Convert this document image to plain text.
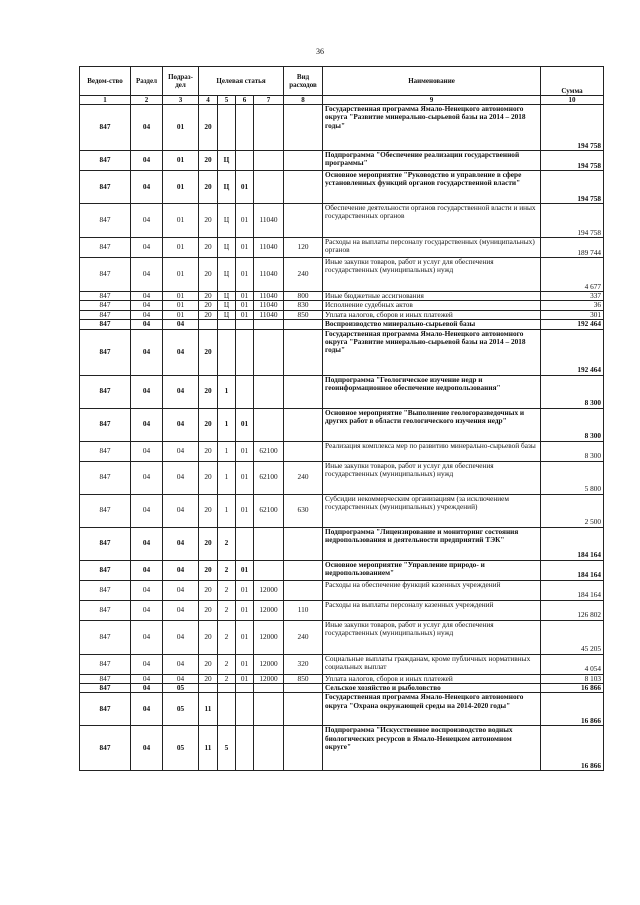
36
Ведом-ство	Раздел	Подраз-дел	Целевая статья				Вид расходов	Наименование	Сумма
1	2	3	4	5	6	7	8	9	10
847	04	01	20					Государственная программа Ямало-Ненецкого автономного округа "Развитие минерально-сырьевой базы на 2014 – 2018 годы"	194 758
847	04	01	20	Ц				Подпрограмма "Обеспечение реализации государственной программы"	194 758
847	04	01	20	Ц	01			Основное мероприятие "Руководство и управление в сфере установленных функций органов государственной власти"	194 758
847	04	01	20	Ц	01	11040		Обеспечение деятельности органов государственной власти и иных государственных органов	194 758
847	04	01	20	Ц	01	11040	120	Расходы на выплаты персоналу государственных (муниципальных) органов	189 744
847	04	01	20	Ц	01	11040	240	Иные закупки товаров, работ и услуг для обеспечения государственных (муниципальных) нужд	4 677
847	04	01	20	Ц	01	11040	800	Иные бюджетные ассигнования	337
847	04	01	20	Ц	01	11040	830	Исполнение судебных актов	36
847	04	01	20	Ц	01	11040	850	Уплата налогов, сборов и иных платежей	301
847	04	04						Воспроизводство минерально-сырьевой базы	192 464
847	04	04	20					Государственная программа Ямало-Ненецкого автономного округа "Развитие минерально-сырьевой базы на 2014 – 2018 годы"	192 464
847	04	04	20	1				Подпрограмма "Геологическое изучение недр и геоинформационное обеспечение недропользования"	8 300
847	04	04	20	1	01			Основное мероприятие "Выполнение геологоразведочных и других работ в области геологического изучения недр"	8 300
847	04	04	20	1	01	62100		Реализация комплекса мер по развитию минерально-сырьевой базы	8 300
847	04	04	20	1	01	62100	240	Иные закупки товаров, работ и услуг для обеспечения государственных (муниципальных) нужд	5 800
847	04	04	20	1	01	62100	630	Субсидии некоммерческим организациям (за исключением государственных (муниципальных) учреждений)	2 500
847	04	04	20	2				Подпрограмма "Лицензирование и мониторинг состояния недропользования и деятельности предприятий ТЭК"	184 164
847	04	04	20	2	01			Основное мероприятие "Управление природо- и недропользованием"	184 164
847	04	04	20	2	01	12000		Расходы на обеспечение функций казенных учреждений	184 164
847	04	04	20	2	01	12000	110	Расходы на выплаты персоналу казенных учреждений	126 802
847	04	04	20	2	01	12000	240	Иные закупки товаров, работ и услуг для обеспечения государственных (муниципальных) нужд	45 205
847	04	04	20	2	01	12000	320	Социальные выплаты гражданам, кроме публичных нормативных социальных выплат	4 054
847	04	04	20	2	01	12000	850	Уплата налогов, сборов и иных платежей	8 103
847	04	05						Сельское хозяйство и рыболовство	16 866
847	04	05	11					Государственная программа Ямало-Ненецкого автономного округа "Охрана окружающей среды на 2014-2020 годы"	16 866
847	04	05	11	5				Подпрограмма "Искусственное воспроизводство водных биологических ресурсов в Ямало-Ненецком автономном округе"	16 866
